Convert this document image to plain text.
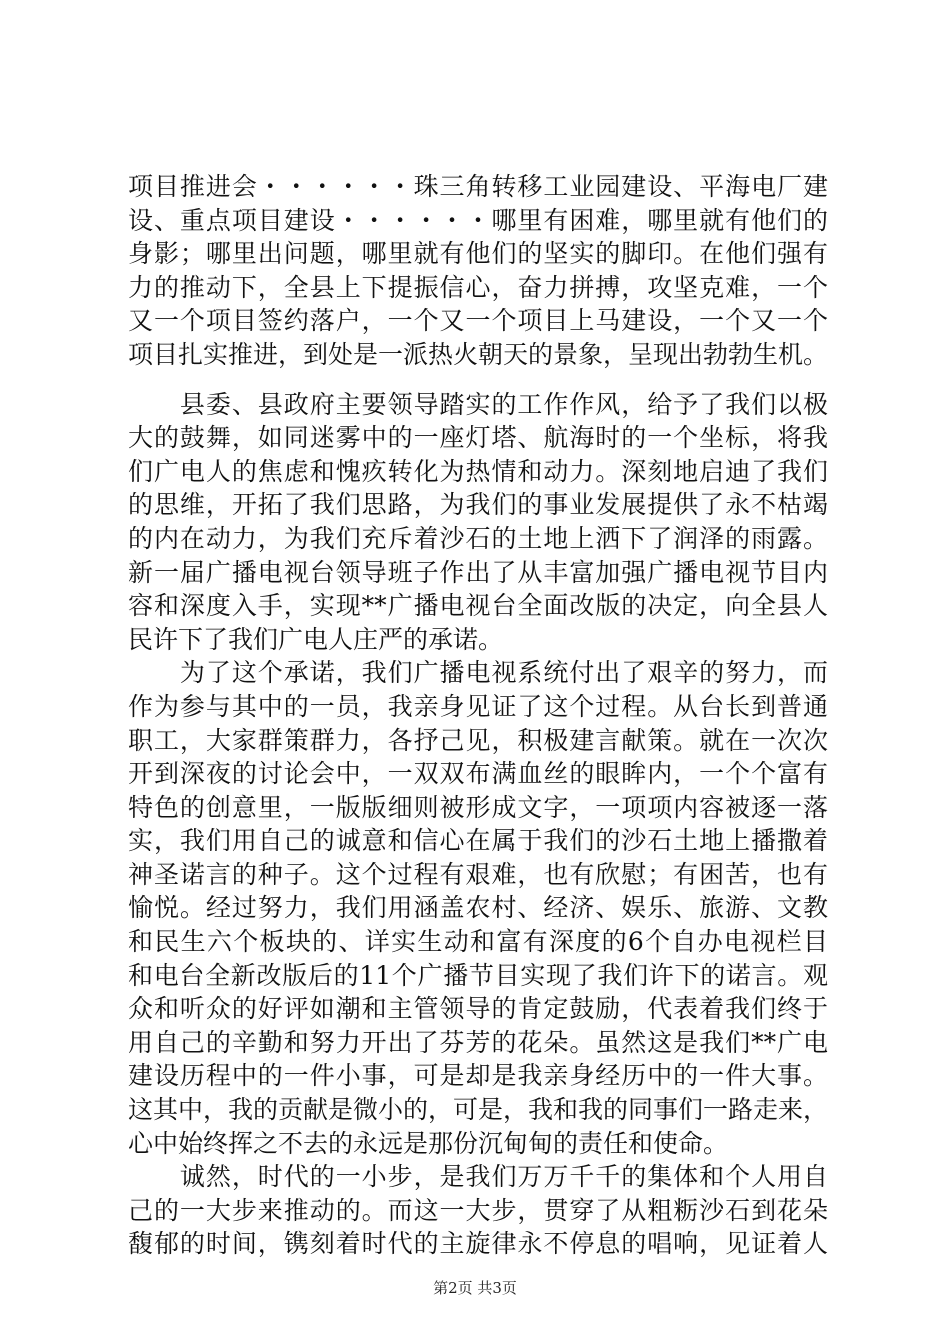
项目推进会・・・・・・珠三角转移工业园建设、平海电厂建
设、重点项目建设・・・・・・哪里有困难，哪里就有他们的
身影；哪里出问题，哪里就有他们的坚实的脚印。在他们强有
力的推动下，全县上下提振信心，奋力拼搏，攻坚克难，一个
又一个项目签约落户，一个又一个项目上马建设，一个又一个
项目扎实推进，到处是一派热火朝天的景象，呈现出勃勃生机。
　　县委、县政府主要领导踏实的工作作风，给予了我们以极
大的鼓舞，如同迷雾中的一座灯塔、航海时的一个坐标，将我
们广电人的焦虑和愧疚转化为热情和动力。深刻地启迪了我们
的思维，开拓了我们思路，为我们的事业发展提供了永不枯竭
的内在动力，为我们充斥着沙石的土地上洒下了润泽的雨露。
新一届广播电视台领导班子作出了从丰富加强广播电视节目内
容和深度入手，实现**广播电视台全面改版的决定，向全县人
民许下了我们广电人庄严的承诺。
　　为了这个承诺，我们广播电视系统付出了艰辛的努力，而
作为参与其中的一员，我亲身见证了这个过程。从台长到普通
职工，大家群策群力，各抒己见，积极建言献策。就在一次次
开到深夜的讨论会中，一双双布满血丝的眼眸内，一个个富有
特色的创意里，一版版细则被形成文字，一项项内容被逐一落
实，我们用自己的诚意和信心在属于我们的沙石土地上播撒着
神圣诺言的种子。这个过程有艰难，也有欣慰；有困苦，也有
愉悦。经过努力，我们用涵盖农村、经济、娱乐、旅游、文教
和民生六个板块的、详实生动和富有深度的6个自办电视栏目
和电台全新改版后的11个广播节目实现了我们许下的诺言。观
众和听众的好评如潮和主管领导的肯定鼓励，代表着我们终于
用自己的辛勤和努力开出了芬芳的花朵。虽然这是我们**广电
建设历程中的一件小事，可是却是我亲身经历中的一件大事。
这其中，我的贡献是微小的，可是，我和我的同事们一路走来，
心中始终挥之不去的永远是那份沉甸甸的责任和使命。
　　诚然，时代的一小步，是我们万万千千的集体和个人用自
己的一大步来推动的。而这一大步，贯穿了从粗粝沙石到花朵
馥郁的时间，镌刻着时代的主旋律永不停息的唱响，见证着人
第2页 共3页
